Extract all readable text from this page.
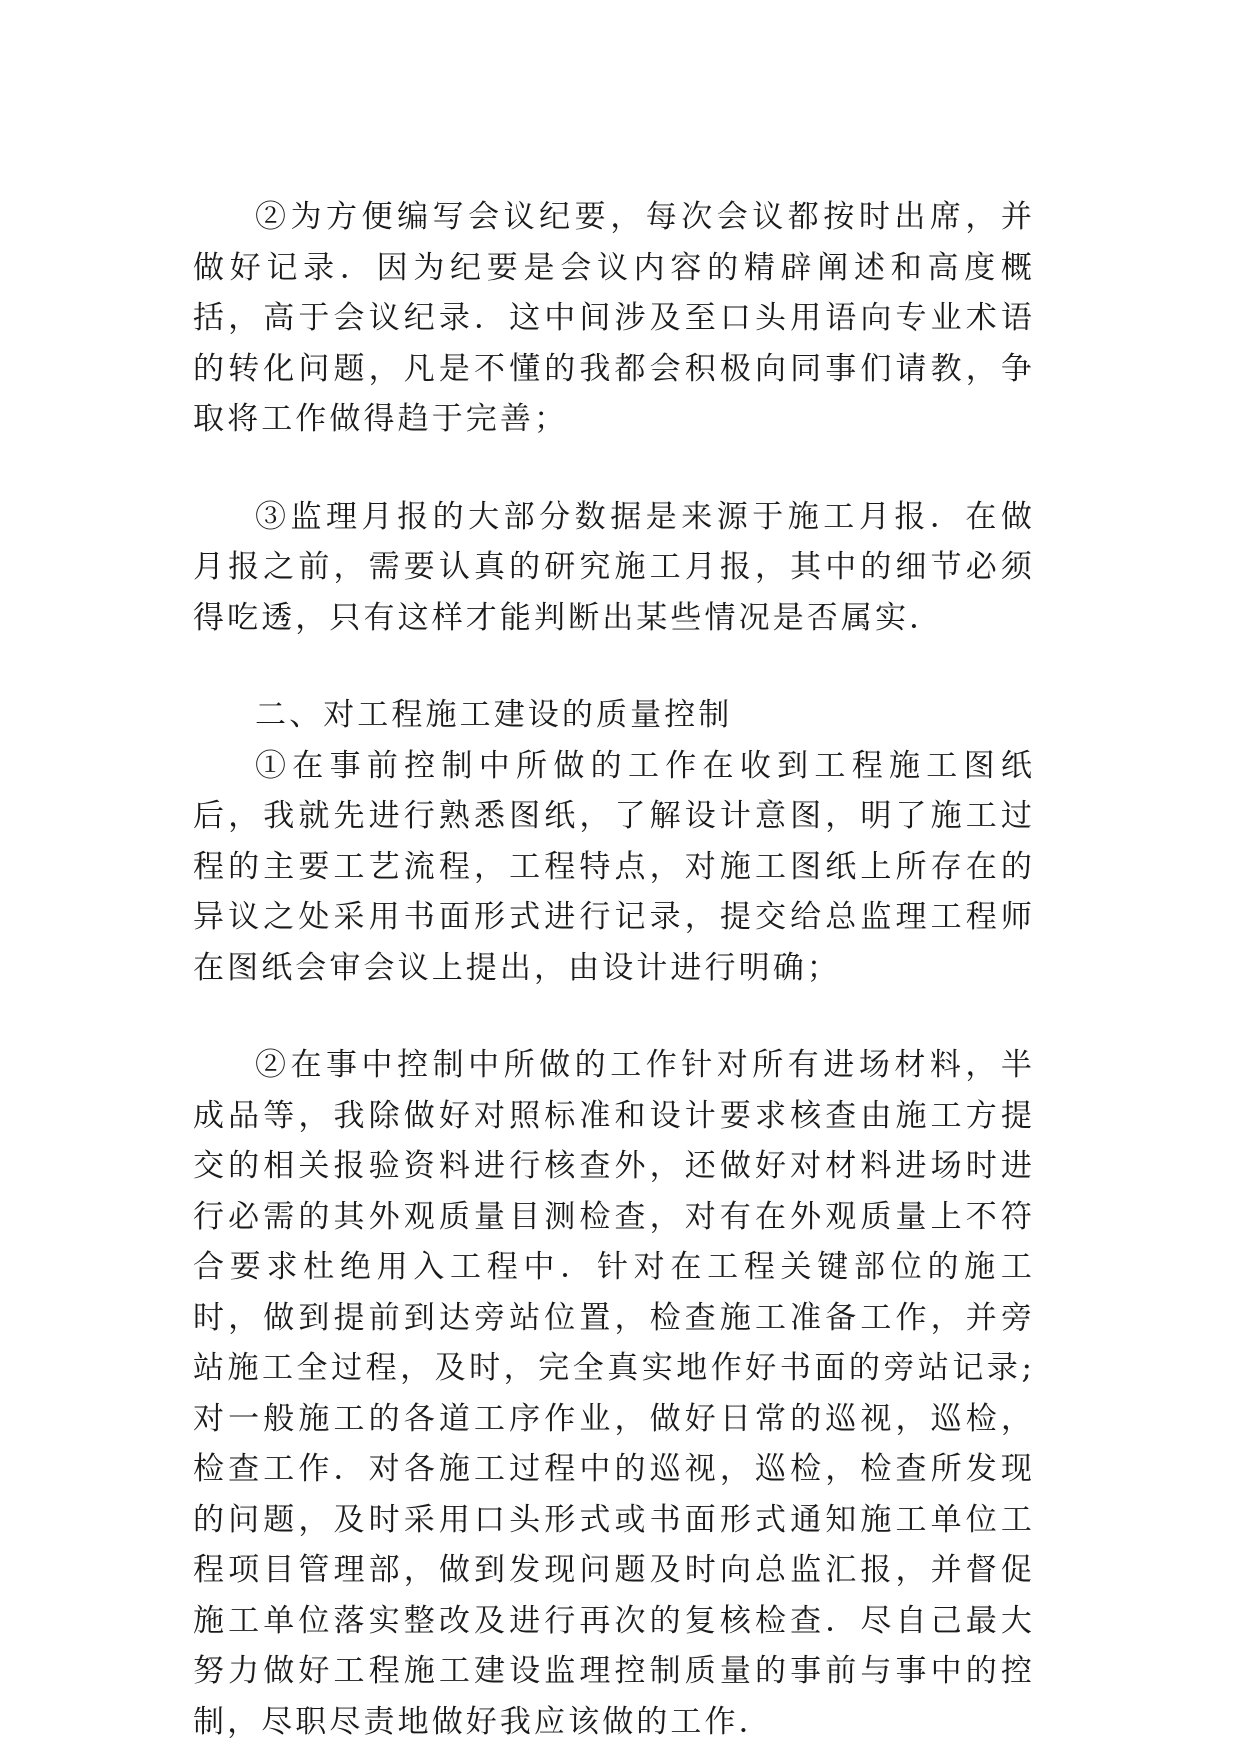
②为方便编写会议纪要，每次会议都按时出席，并做好记录．因为纪要是会议内容的精辟阐述和高度概括，高于会议纪录．这中间涉及至口头用语向专业术语的转化问题，凡是不懂的我都会积极向同事们请教，争取将工作做得趋于完善；

③监理月报的大部分数据是来源于施工月报．在做月报之前，需要认真的研究施工月报，其中的细节必须得吃透，只有这样才能判断出某些情况是否属实．

二、对工程施工建设的质量控制

①在事前控制中所做的工作在收到工程施工图纸后，我就先进行熟悉图纸，了解设计意图，明了施工过程的主要工艺流程，工程特点，对施工图纸上所存在的异议之处采用书面形式进行记录，提交给总监理工程师在图纸会审会议上提出，由设计进行明确；

②在事中控制中所做的工作针对所有进场材料，半成品等，我除做好对照标准和设计要求核查由施工方提交的相关报验资料进行核查外，还做好对材料进场时进行必需的其外观质量目测检查，对有在外观质量上不符合要求杜绝用入工程中．针对在工程关键部位的施工时，做到提前到达旁站位置，检查施工准备工作，并旁站施工全过程，及时，完全真实地作好书面的旁站记录;对一般施工的各道工序作业，做好日常的巡视，巡检，检查工作．对各施工过程中的巡视，巡检，检查所发现的问题，及时采用口头形式或书面形式通知施工单位工程项目管理部，做到发现问题及时向总监汇报，并督促施工单位落实整改及进行再次的复核检查．尽自己最大努力做好工程施工建设监理控制质量的事前与事中的控制，尽职尽责地做好我应该做的工作．
